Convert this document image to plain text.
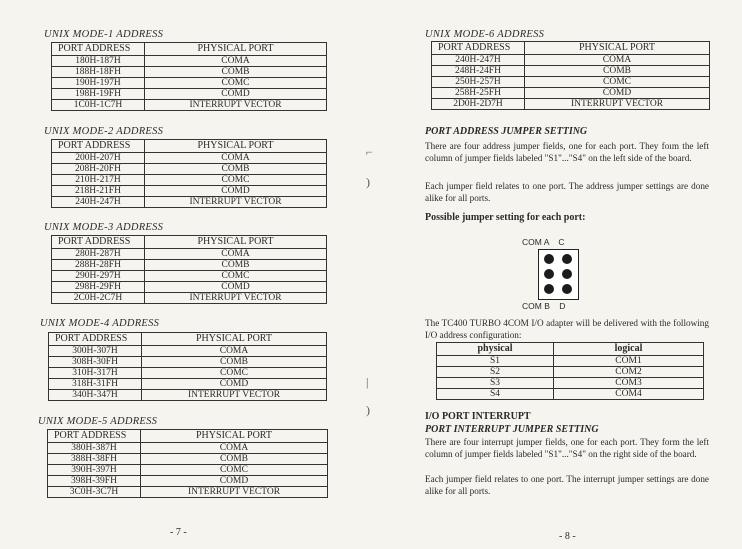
UNIX MODE-1 ADDRESS
PORT ADDRESS	PHYSICAL PORT
180H-187H	COMA
188H-18FH	COMB
190H-197H	COMC
198H-19FH	COMD
1C0H-1C7H	INTERRUPT VECTOR
UNIX MODE-2 ADDRESS
PORT ADDRESS	PHYSICAL PORT
200H-207H	COMA
208H-20FH	COMB
210H-217H	COMC
218H-21FH	COMD
240H-247H	INTERRUPT VECTOR
UNIX MODE-3 ADDRESS
PORT ADDRESS	PHYSICAL PORT
280H-287H	COMA
288H-28FH	COMB
290H-297H	COMC
298H-29FH	COMD
2C0H-2C7H	INTERRUPT VECTOR
UNIX MODE-4 ADDRESS
PORT ADDRESS	PHYSICAL PORT
300H-307H	COMA
308H-30FH	COMB
310H-317H	COMC
318H-31FH	COMD
340H-347H	INTERRUPT VECTOR
UNIX MODE-5 ADDRESS
PORT ADDRESS	PHYSICAL PORT
380H-387H	COMA
388H-38FH	COMB
390H-397H	COMC
398H-39FH	COMD
3C0H-3C7H	INTERRUPT VECTOR
- 7 -
⌐
)
|
)
UNIX MODE-6 ADDRESS
PORT ADDRESS	PHYSICAL PORT
240H-247H	COMA
248H-24FH	COMB
250H-257H	COMC
258H-25FH	COMD
2D0H-2D7H	INTERRUPT VECTOR
PORT ADDRESS JUMPER SETTING
There are four address jumper fields, one for each port. They foım the left column of jumper fields labeled "S1"..."S4" on the left side of the board.
Each jumper field relates to one port. The address jumper settings are done alike for all ports.
Possible jumper setting for each port:
COM A    C
COM B    D
The TC400 TURBO 4COM I/O adapter will be delivered with the following I/O address configuration:
physical	logical
S1	COM1
S2	COM2
S3	COM3
S4	COM4
I/O PORT INTERRUPT
PORT INTERRUPT JUMPER SETTING
There are four interrupt jumper fields, one for each port. They form the left column of jumper fields labeled "S1"..."S4" on the right side of the board.
Each jumper field relates to one port. The interrupt jumper settings are done alike for all ports.
- 8 -
